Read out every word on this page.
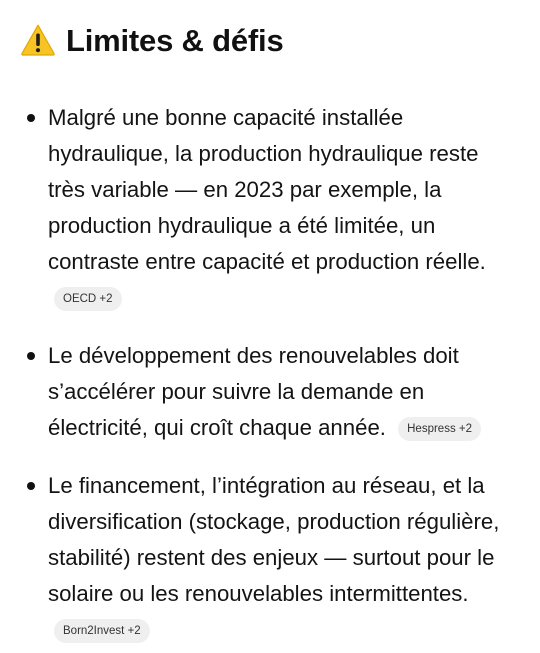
Limites & défis
Malgré une bonne capacité installée hydraulique, la production hydraulique reste très variable — en 2023 par exemple, la production hydraulique a été limitée, un contraste entre capacité et production réelle. OECD +2
Le développement des renouvelables doit s’accélérer pour suivre la demande en électricité, qui croît chaque année. Hespress +2
Le financement, l’intégration au réseau, et la diversification (stockage, production régulière, stabilité) restent des enjeux — surtout pour le solaire ou les renouvelables intermittentes. Born2Invest +2
